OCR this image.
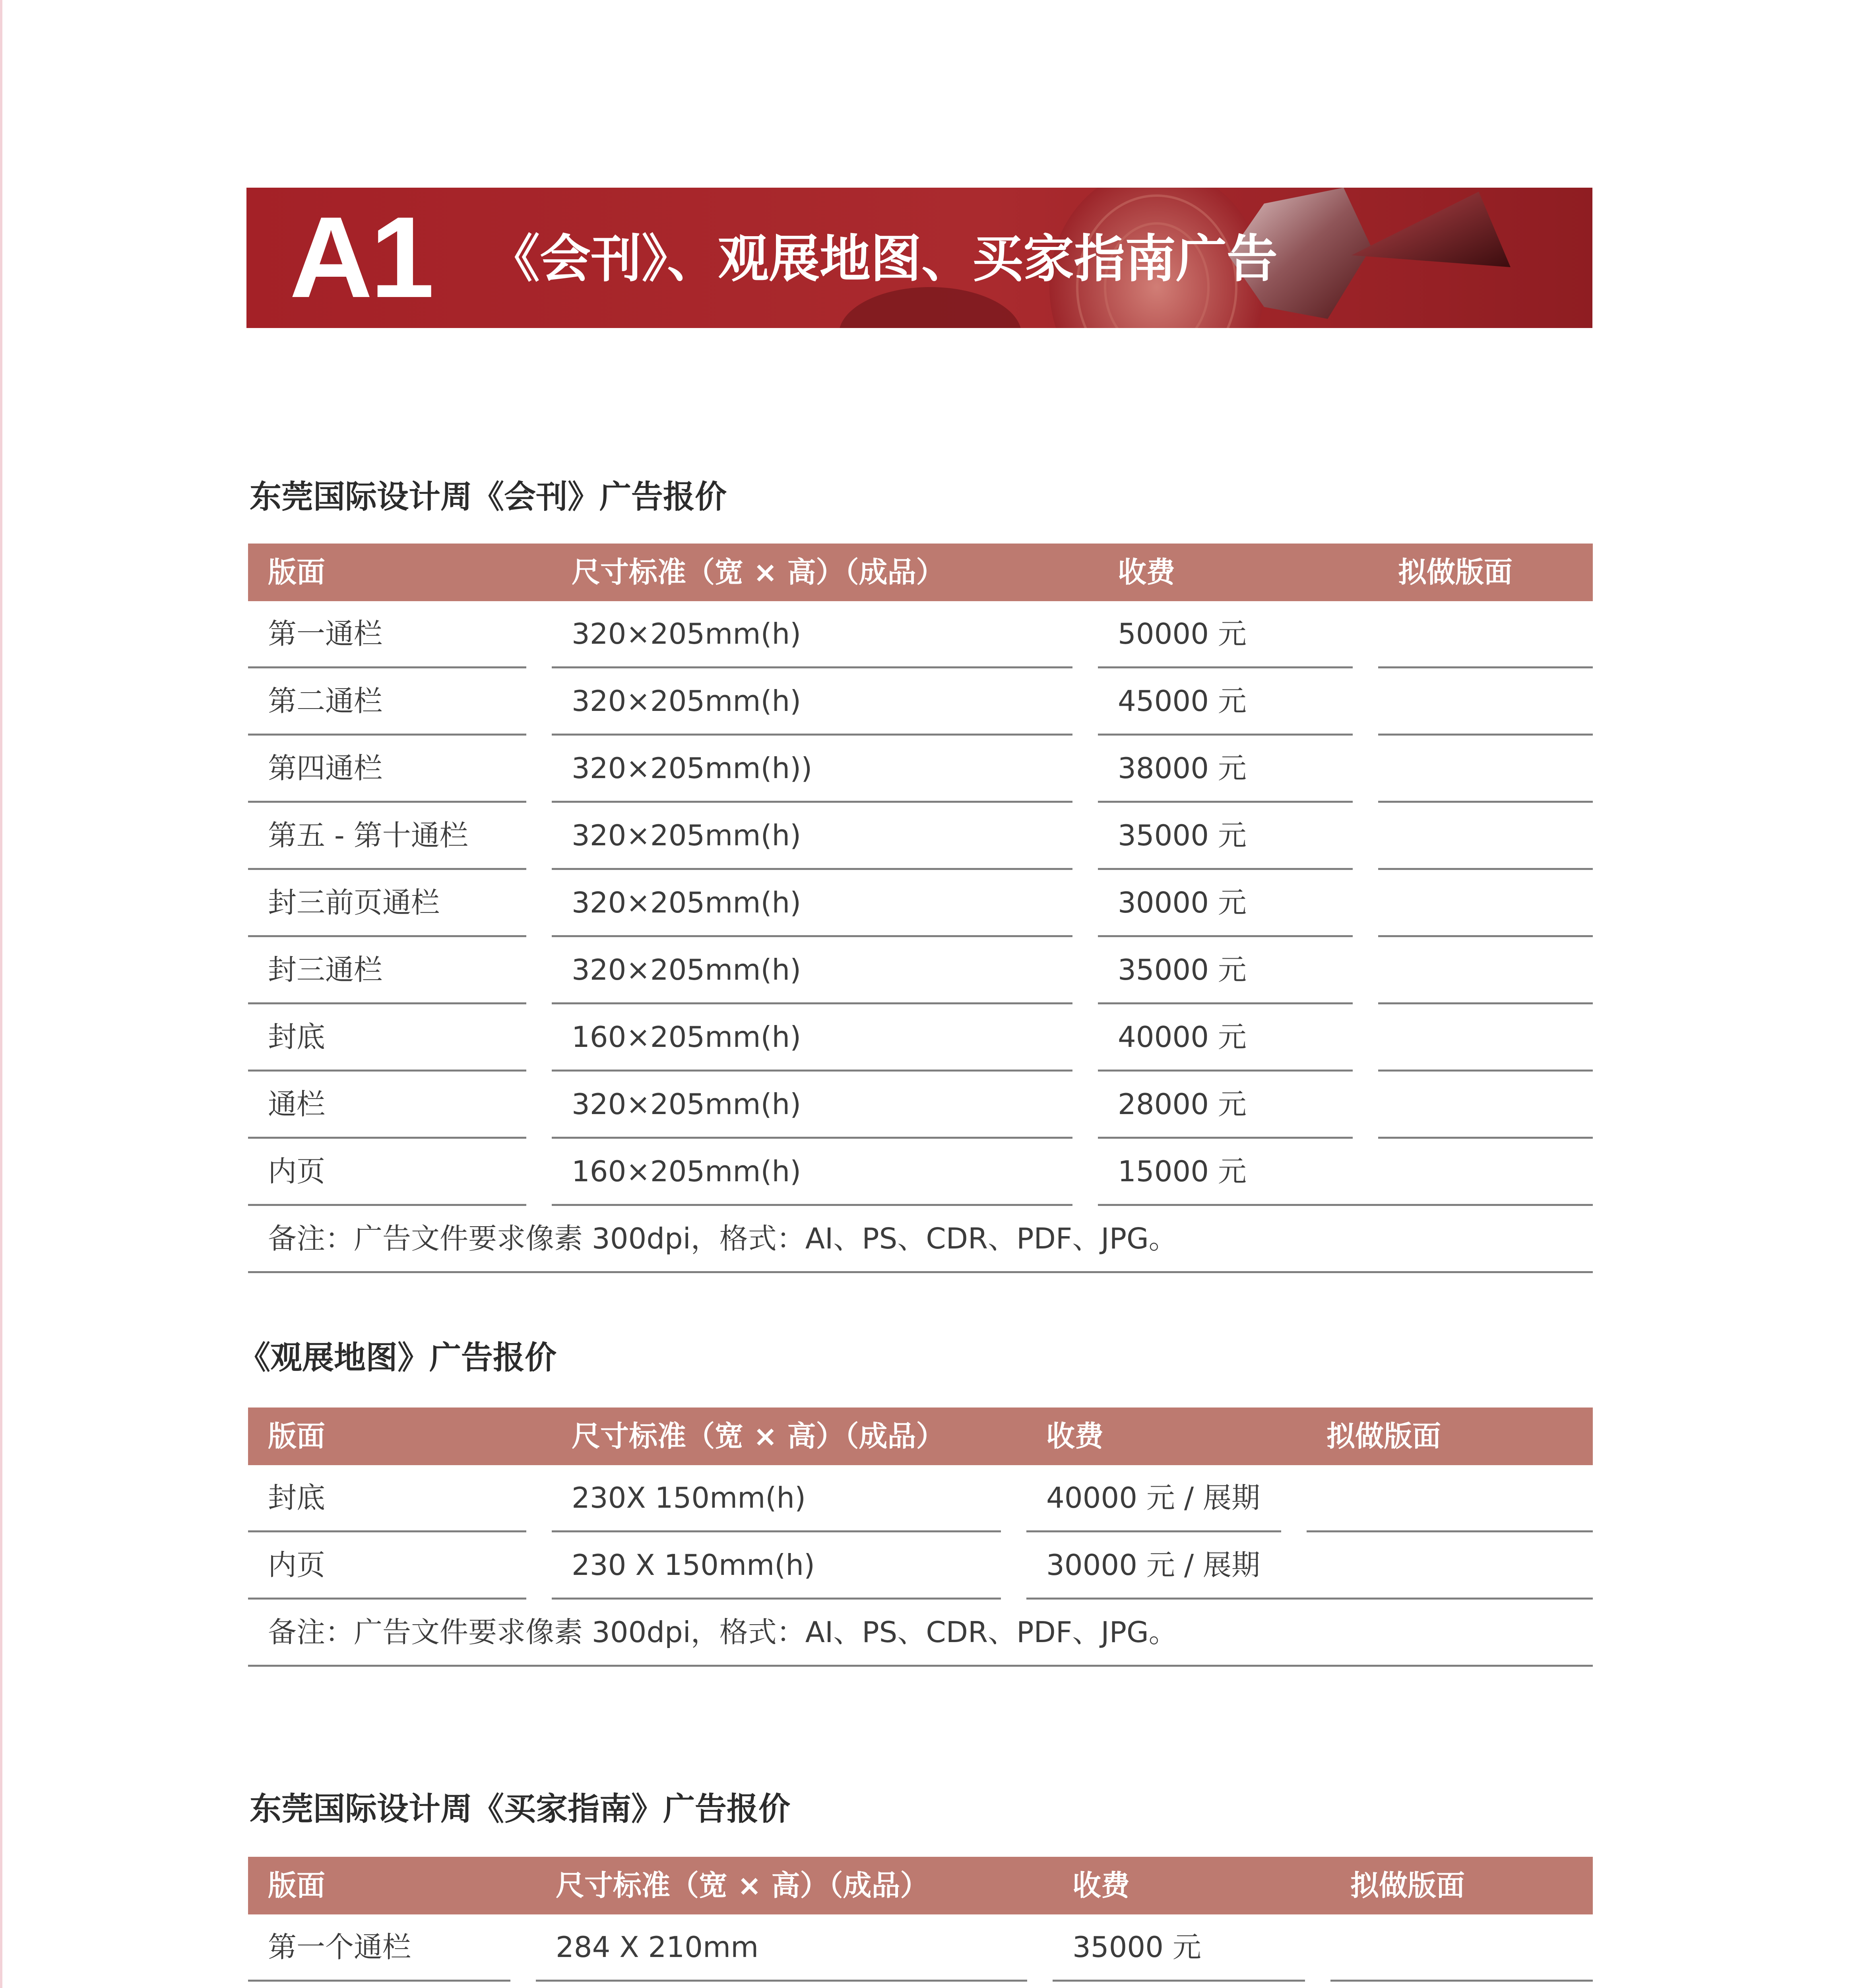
A1 《会刊》、观展地图、买家指南广告
东莞国际设计周《会刊》广告报价
版面	尺寸标准（宽 × 高）（成品）	收费	拟做版面

第一通栏	320×205mm(h)	50000 元	

第二通栏	320×205mm(h)	45000 元	

第四通栏	320×205mm(h))	38000 元	

第五 - 第十通栏	320×205mm(h)	35000 元	

封三前页通栏	320×205mm(h)	30000 元	

封三通栏	320×205mm(h)	35000 元	

封底	160×205mm(h)	40000 元	

通栏	320×205mm(h)	28000 元	

内页	160×205mm(h)	15000 元	

备注：广告文件要求像素 300dpi，格式：AI、PS、CDR、PDF、JPG。			
《观展地图》广告报价
版面	尺寸标准（宽 × 高）（成品）	收费	拟做版面

封底	230X 150mm(h)	40000 元 / 展期	

内页	230 X 150mm(h)	30000 元 / 展期	

备注：广告文件要求像素 300dpi，格式：AI、PS、CDR、PDF、JPG。			
东莞国际设计周《买家指南》广告报价
版面	尺寸标准（宽 × 高）（成品）	收费	拟做版面

第一个通栏	284 X 210mm	35000 元	
